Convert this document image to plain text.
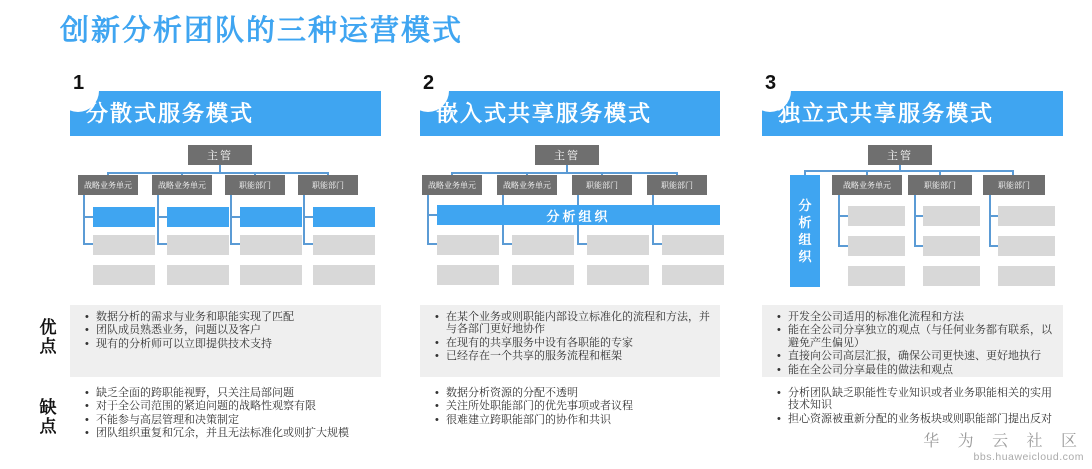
创新分析团队的三种运营模式
1
分散式服务模式
主管
战略业务单元	战略业务单元	职能部门	职能部门
• 数据分析的需求与业务和职能实现了匹配
• 团队成员熟悉业务，问题以及客户
• 现有的分析师可以立即提供技术支持
• 缺乏全面的跨职能视野，只关注局部问题
• 对于全公司范围的紧迫问题的战略性观察有限
• 不能参与高层管理和决策制定
• 团队组织重复和冗余，并且无法标准化或则扩大规模
2
嵌入式共享服务模式
主管
战略业务单元	战略业务单元	职能部门	职能部门
分析组织
• 在某个业务或则职能内部设立标准化的流程和方法，并与各部门更好地协作
• 在现有的共享服务中设有各职能的专家
• 已经存在一个共享的服务流程和框架
• 数据分析资源的分配不透明
• 关注所处职能部门的优先事项或者议程
• 很难建立跨职能部门的协作和共识
3
独立式共享服务模式
主管
分析组织
战略业务单元	职能部门	职能部门
• 开发全公司适用的标准化流程和方法
• 能在全公司分享独立的观点（与任何业务都有联系，以避免产生偏见）
• 直接向公司高层汇报，确保公司更快速、更好地执行
• 能在全公司分享最佳的做法和观点
• 分析团队缺乏职能性专业知识或者业务职能相关的实用技术知识
• 担心资源被重新分配的业务板块或则职能部门提出反对
优点
缺点
华 为 云 社 区
bbs.huaweicloud.com
